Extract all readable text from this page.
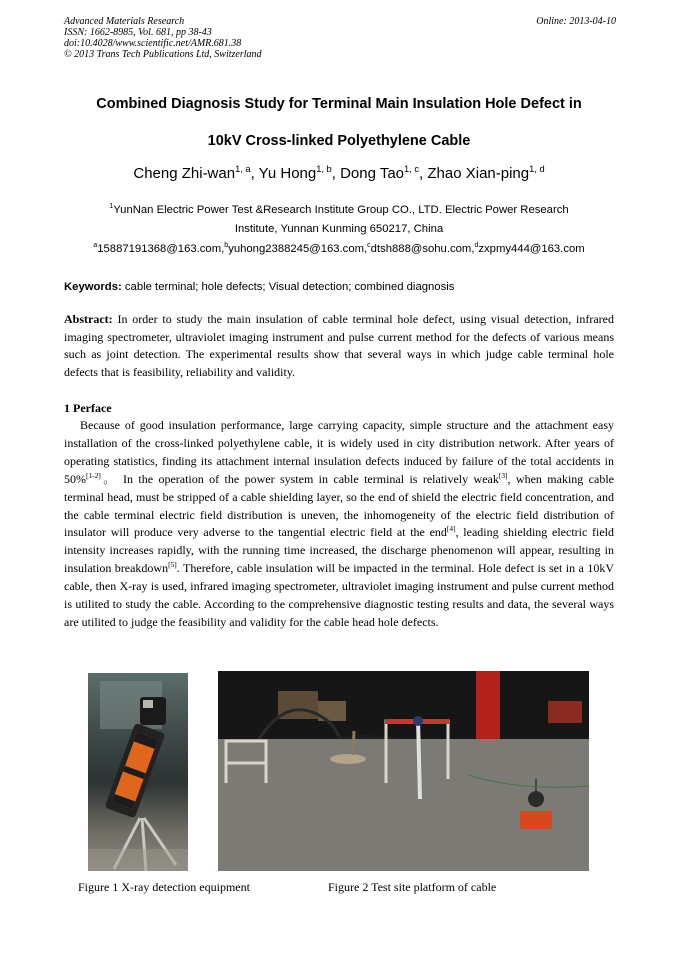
Advanced Materials Research
ISSN: 1662-8985, Vol. 681, pp 38-43
doi:10.4028/www.scientific.net/AMR.681.38
© 2013 Trans Tech Publications Ltd, Switzerland
Online: 2013-04-10
Combined Diagnosis Study for Terminal Main Insulation Hole Defect in
10kV Cross-linked Polyethylene Cable
Cheng Zhi-wan$^{1, a}$, Yu Hong$^{1, b}$, Dong Tao$^{1, c}$, Zhao Xian-ping$^{1, d}$
$^1$YunNan Electric Power Test &Research Institute Group CO., LTD. Electric Power Research
Institute, Yunnan Kunming 650217, China
$^a$15887191368@163.com,$^b$yuhong2388245@163.com,$^c$dtsh888@sohu.com,$^d$zxpmy444@163.com
Keywords: cable terminal; hole defects; Visual detection; combined diagnosis
Abstract: In order to study the main insulation of cable terminal hole defect, using visual detection, infrared imaging spectrometer, ultraviolet imaging instrument and pulse current method for the defects of various means such as joint detection. The experimental results show that several ways in which judge cable terminal hole defects that is feasibility, reliability and validity.
1 Perface

Because of good insulation performance, large carrying capacity, simple structure and the attachment easy installation of the cross-linked polyethylene cable, it is widely used in city distribution network. After years of operating statistics, finding its attachment internal insulation defects induced by failure of the total accidents in 50%[1-2]。 In the operation of the power system in cable terminal is relatively weak[3], when making cable terminal head, must be stripped of a cable shielding layer, so the end of shield the electric field concentration, and the cable terminal electric field distribution is uneven, the inhomogeneity of the electric field distribution of insulator will produce very adverse to the tangential electric field at the end[4], leading shielding electric field intensity increases rapidly, with the running time increased, the discharge phenomenon will appear, resulting in insulation breakdown[5]. Therefore, cable insulation will be impacted in the terminal. Hole defect is set in a 10kV cable, then X-ray is used, infrared imaging spectrometer, ultraviolet imaging instrument and pulse current method is utilited to study the cable. According to the comprehensive diagnostic testing results and data, the several ways are utilited to judge the feasibility and validity for the cable head hole defects.

Figure 1 X-ray detection equipment	Figure 2 Test site platform of cable
